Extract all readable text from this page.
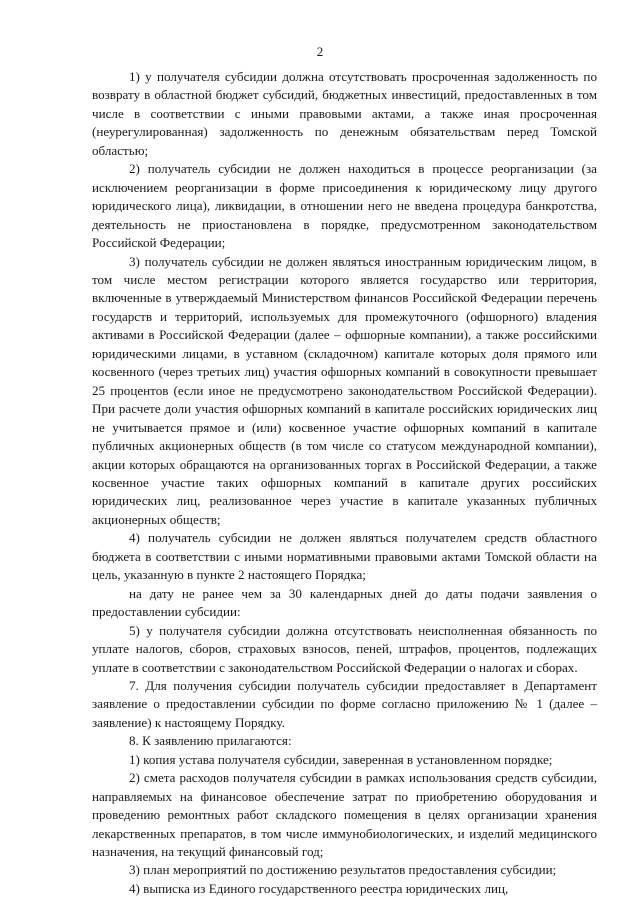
2

1) у получателя субсидии должна отсутствовать просроченная задолженность по возврату в областной бюджет субсидий, бюджетных инвестиций, предоставленных в том числе в соответствии с иными правовыми актами, а также иная просроченная (неурегулированная) задолженность по денежным обязательствам перед Томской областью;

2) получатель субсидии не должен находиться в процессе реорганизации (за исключением реорганизации в форме присоединения к юридическому лицу другого юридического лица), ликвидации, в отношении него не введена процедура банкротства, деятельность не приостановлена в порядке, предусмотренном законодательством Российской Федерации;

3) получатель субсидии не должен являться иностранным юридическим лицом, в том числе местом регистрации которого является государство или территория, включенные в утверждаемый Министерством финансов Российской Федерации перечень государств и территорий, используемых для промежуточного (офшорного) владения активами в Российской Федерации (далее – офшорные компании), а также российскими юридическими лицами, в уставном (складочном) капитале которых доля прямого или косвенного (через третьих лиц) участия офшорных компаний в совокупности превышает 25 процентов (если иное не предусмотрено законодательством Российской Федерации). При расчете доли участия офшорных компаний в капитале российских юридических лиц не учитывается прямое и (или) косвенное участие офшорных компаний в капитале публичных акционерных обществ (в том числе со статусом международной компании), акции которых обращаются на организованных торгах в Российской Федерации, а также косвенное участие таких офшорных компаний в капитале других российских юридических лиц, реализованное через участие в капитале указанных публичных акционерных обществ;

4) получатель субсидии не должен являться получателем средств областного бюджета в соответствии с иными нормативными правовыми актами Томской области на цель, указанную в пункте 2 настоящего Порядка;

на дату не ранее чем за 30 календарных дней до даты подачи заявления о предоставлении субсидии:

5) у получателя субсидии должна отсутствовать неисполненная обязанность по уплате налогов, сборов, страховых взносов, пеней, штрафов, процентов, подлежащих уплате в соответствии с законодательством Российской Федерации о налогах и сборах.

7. Для получения субсидии получатель субсидии предоставляет в Департамент заявление о предоставлении субсидии по форме согласно приложению № 1 (далее – заявление) к настоящему Порядку.

8. К заявлению прилагаются:

1) копия устава получателя субсидии, заверенная в установленном порядке;

2) смета расходов получателя субсидии в рамках использования средств субсидии, направляемых на финансовое обеспечение затрат по приобретению оборудования и проведению ремонтных работ складского помещения в целях организации хранения лекарственных препаратов, в том числе иммунобиологических, и изделий медицинского назначения, на текущий финансовый год;

3) план мероприятий по достижению результатов предоставления субсидии;

4) выписка из Единого государственного реестра юридических лиц,
